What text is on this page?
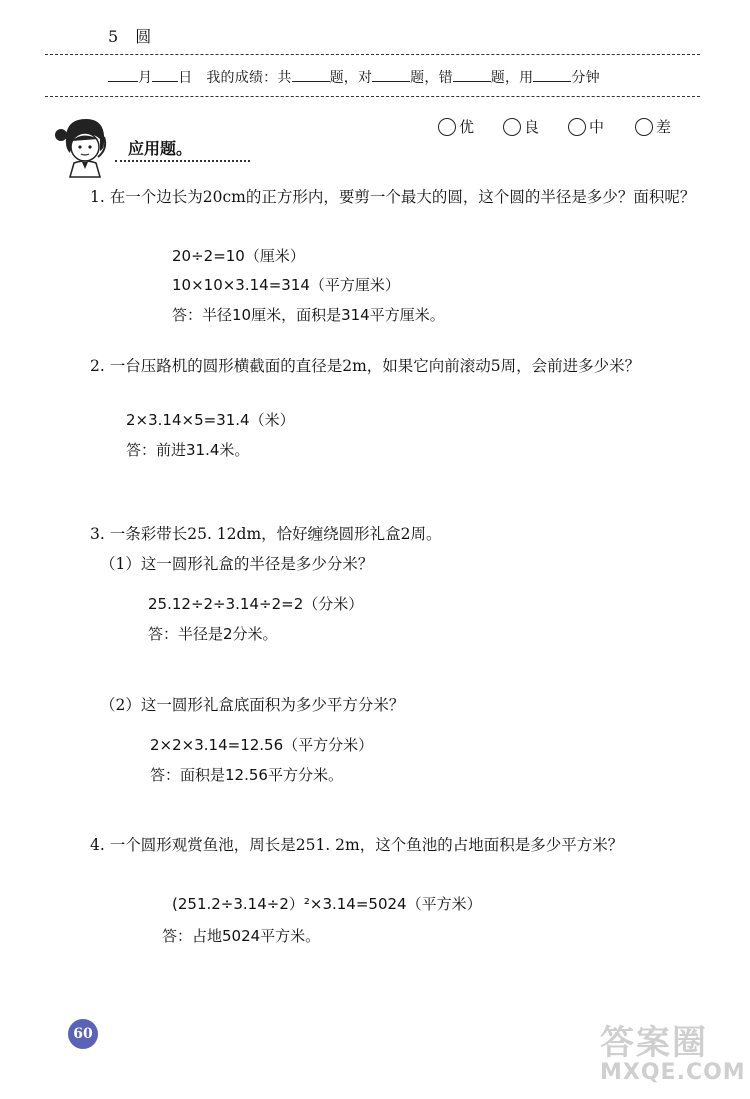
5 圆
月 日 我的成绩：共	题，对	题，错	题，用	分钟
应用题。
优	良	中	差
1. 在一个边长为20cm的正方形内，要剪一个最大的圆，这个圆的半径是多少？面积呢？
20÷2=10（厘米）
10×10×3.14=314（平方厘米）
答：半径10厘米，面积是314平方厘米。
2. 一台压路机的圆形横截面的直径是2m，如果它向前滚动5周，会前进多少米？
2×3.14×5=31.4（米）
答：前进31.4米。
3. 一条彩带长25. 12dm，恰好缠绕圆形礼盒2周。
（1）这一圆形礼盒的半径是多少分米？
25.12÷2÷3.14÷2=2（分米）
答：半径是2分米。
（2）这一圆形礼盒底面积为多少平方分米？
2×2×3.14=12.56（平方分米）
答：面积是12.56平方分米。
4. 一个圆形观赏鱼池，周长是251. 2m，这个鱼池的占地面积是多少平方米？
(251.2÷3.14÷2）²×3.14=5024（平方米）
答：占地5024平方米。
60	答案圈
MXQE.COM
